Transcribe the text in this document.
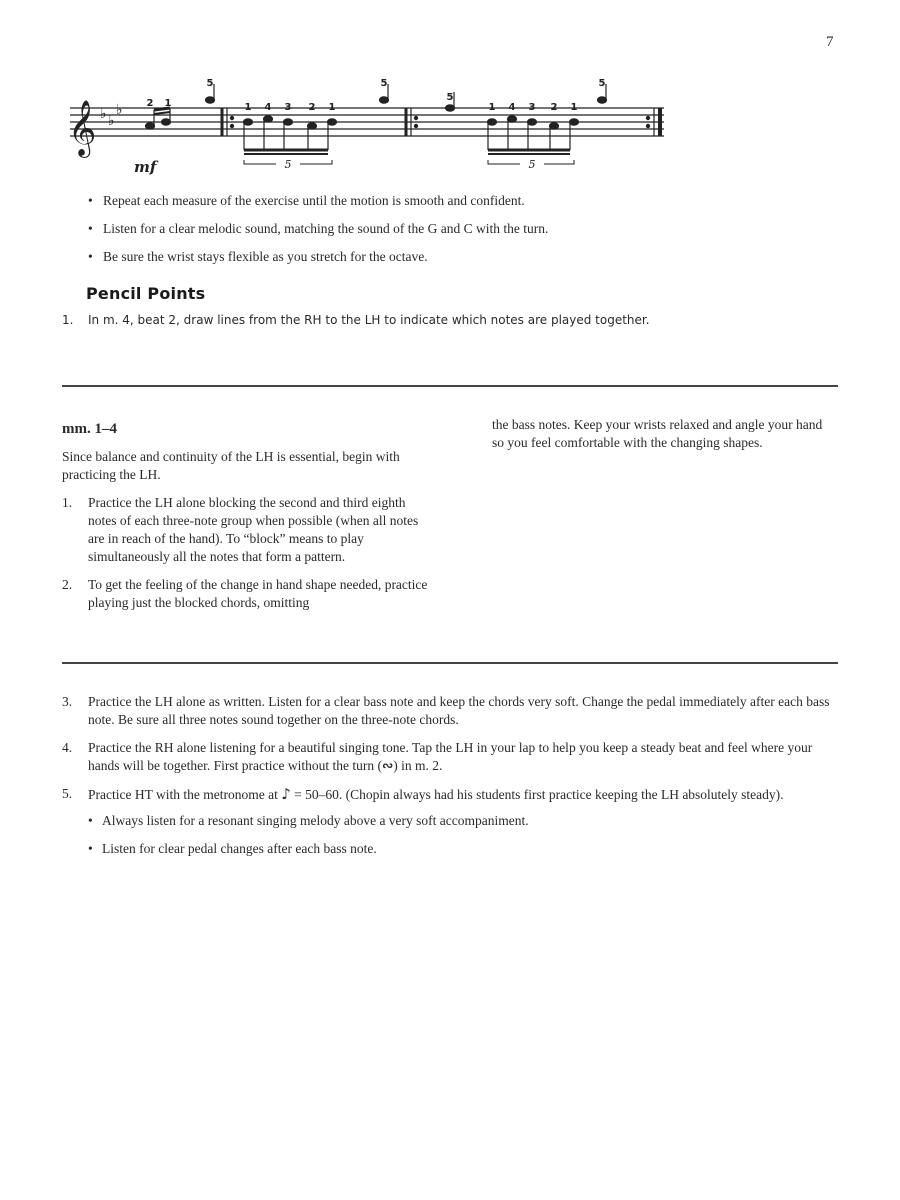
7
𝄞 ♭ ♭
♭
5	5
2 1
5
1 4 3 2 1
5
5
1 4 3 2 1
5
mf
• Repeat each measure of the exercise until the motion is smooth and confident.
• Listen for a clear melodic sound, matching the sound of the G and C with the turn.
• Be sure the wrist stays flexible as you stretch for the octave.
Pencil Points
1. In m. 4, beat 2, draw lines from the RH to the LH to indicate which notes are played together.
mm. 1–4

Since balance and continuity of the LH is essential, begin with practicing the LH.

1. Practice the LH alone blocking the second and third eighth notes of each three-note group when possible (when all notes are in reach of the hand). To “block” means to play simultaneously all the notes that form a pattern.
2. To get the feeling of the change in hand shape needed, practice playing just the blocked chords, omitting

the bass notes. Keep your wrists relaxed and angle your hand so you feel comfortable with the changing shapes.

3. Practice the LH alone as written. Listen for a clear bass note and keep the chords very soft. Change the pedal immediately after each bass note. Be sure all three notes sound together on the three-note chords.
4. Practice the RH alone listening for a beautiful singing tone. Tap the LH in your lap to help you keep a steady beat and feel where your hands will be together. First practice without the turn (∾) in m. 2.
5. Practice HT with the metronome at ♪ = 50–60. (Chopin always had his students first practice keeping the LH absolutely steady).
• Always listen for a resonant singing melody above a very soft accompaniment.
• Listen for clear pedal changes after each bass note.
